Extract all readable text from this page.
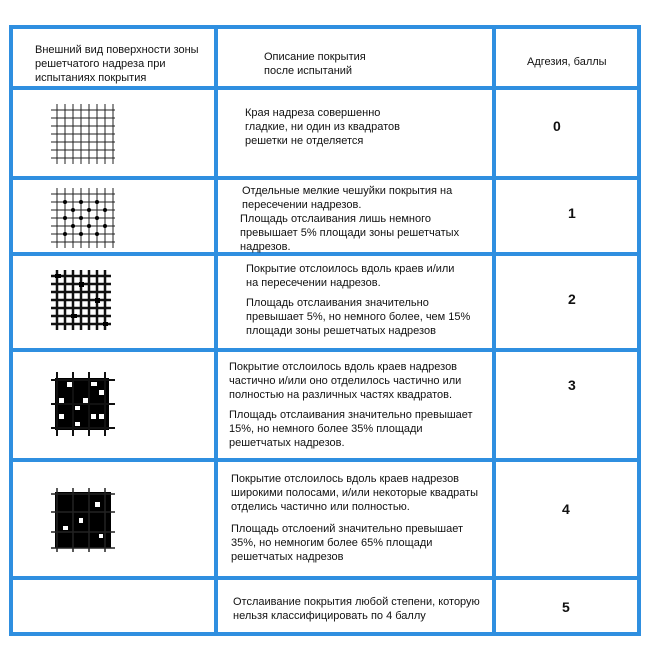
Внешний вид поверхности зоны решетчатого надреза при испытаниях покрытия
Описание покрытия после испытаний
Адгезия, баллы
Края надреза совершенно гладкие, ни один из квадратов решетки не отделяется
0
Отдельные мелкие чешуйки покрытия на пересечении надрезов.
Площадь отслаивания лишь немного превышает 5% площади зоны решетчатых надрезов.
1
Покрытие отслоилось вдоль краев и/или на пересечении надрезов.
Площадь отслаивания значительно превышает 5%, но немного более, чем 15% площади зоны решетчатых надрезов
2
Покрытие отслоилось вдоль краев надрезов частично и/или оно отделилось частично или полностью на различных частях квадратов.
Площадь отслаивания значительно превышает 15%, но немного более 35% площади решетчатых надрезов.
3
Покрытие отслоилось вдоль краев надрезов широкими полосами, и/или некоторые квадраты отделись частично или полностью.
Площадь отслоений значительно превышает 35%, но немногим более 65% площади решетчатых надрезов
4
Отслаивание покрытия любой степени, которую нельзя классифицировать по 4 баллу
5
